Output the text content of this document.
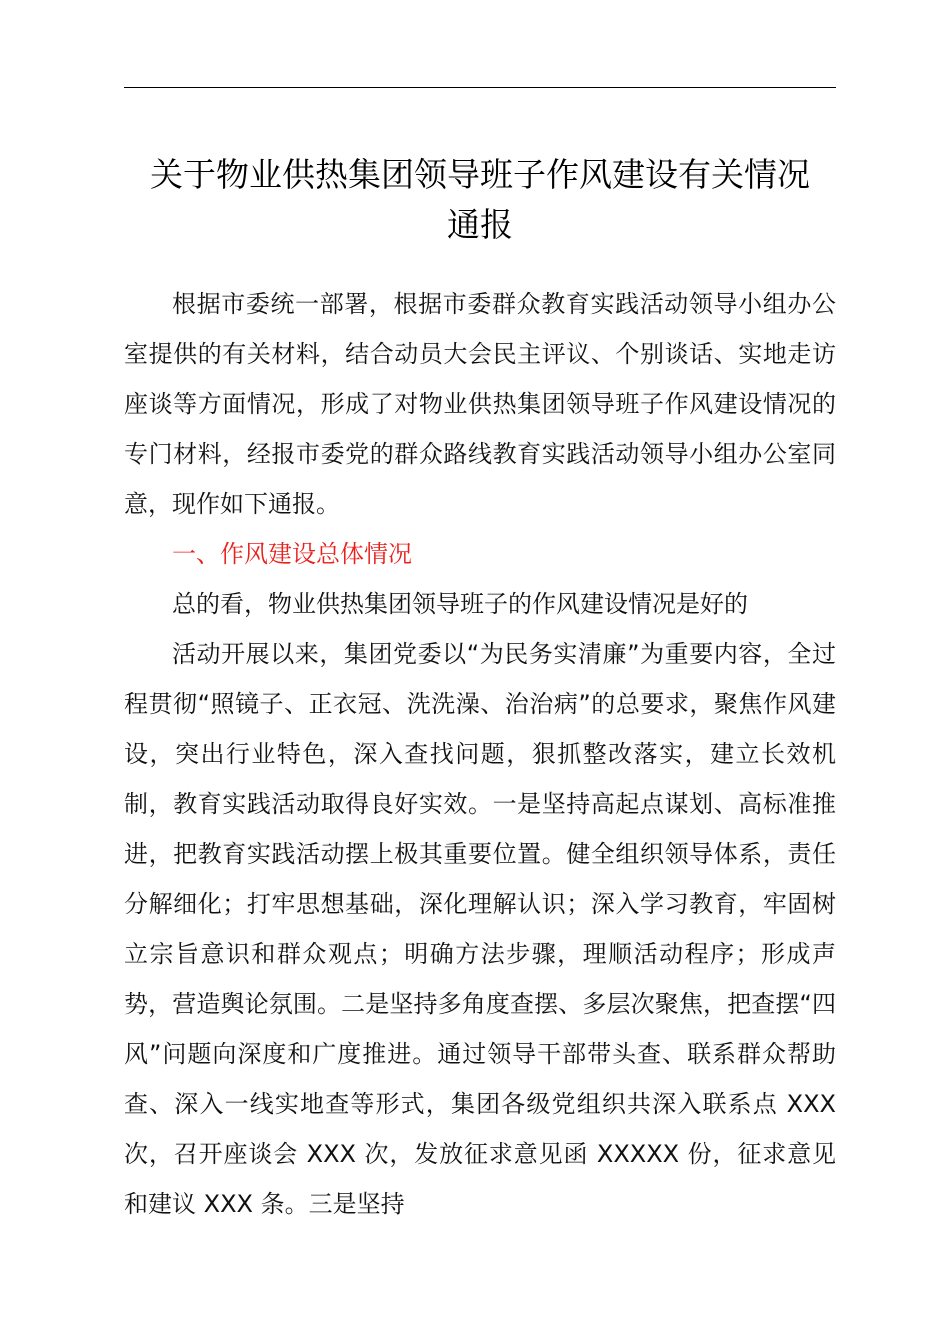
关于物业供热集团领导班子作风建设有关情况
通报

根据市委统一部署，根据市委群众教育实践活动领导小组办公室提供的有关材料，结合动员大会民主评议、个别谈话、实地走访座谈等方面情况，形成了对物业供热集团领导班子作风建设情况的专门材料，经报市委党的群众路线教育实践活动领导小组办公室同意，现作如下通报。

一、作风建设总体情况

总的看，物业供热集团领导班子的作风建设情况是好的

活动开展以来，集团党委以“为民务实清廉”为重要内容，全过程贯彻“照镜子、正衣冠、洗洗澡、治治病”的总要求，聚焦作风建设，突出行业特色，深入查找问题，狠抓整改落实，建立长效机制，教育实践活动取得良好实效。一是坚持高起点谋划、高标准推进，把教育实践活动摆上极其重要位置。健全组织领导体系，责任分解细化；打牢思想基础，深化理解认识；深入学习教育，牢固树立宗旨意识和群众观点；明确方法步骤，理顺活动程序；形成声势，营造舆论氛围。二是坚持多角度查摆、多层次聚焦，把查摆“四风”问题向深度和广度推进。通过领导干部带头查、联系群众帮助查、深入一线实地查等形式，集团各级党组织共深入联系点 XXX 次，召开座谈会 XXX 次，发放征求意见函 XXXXX 份，征求意见和建议 XXX 条。三是坚持
